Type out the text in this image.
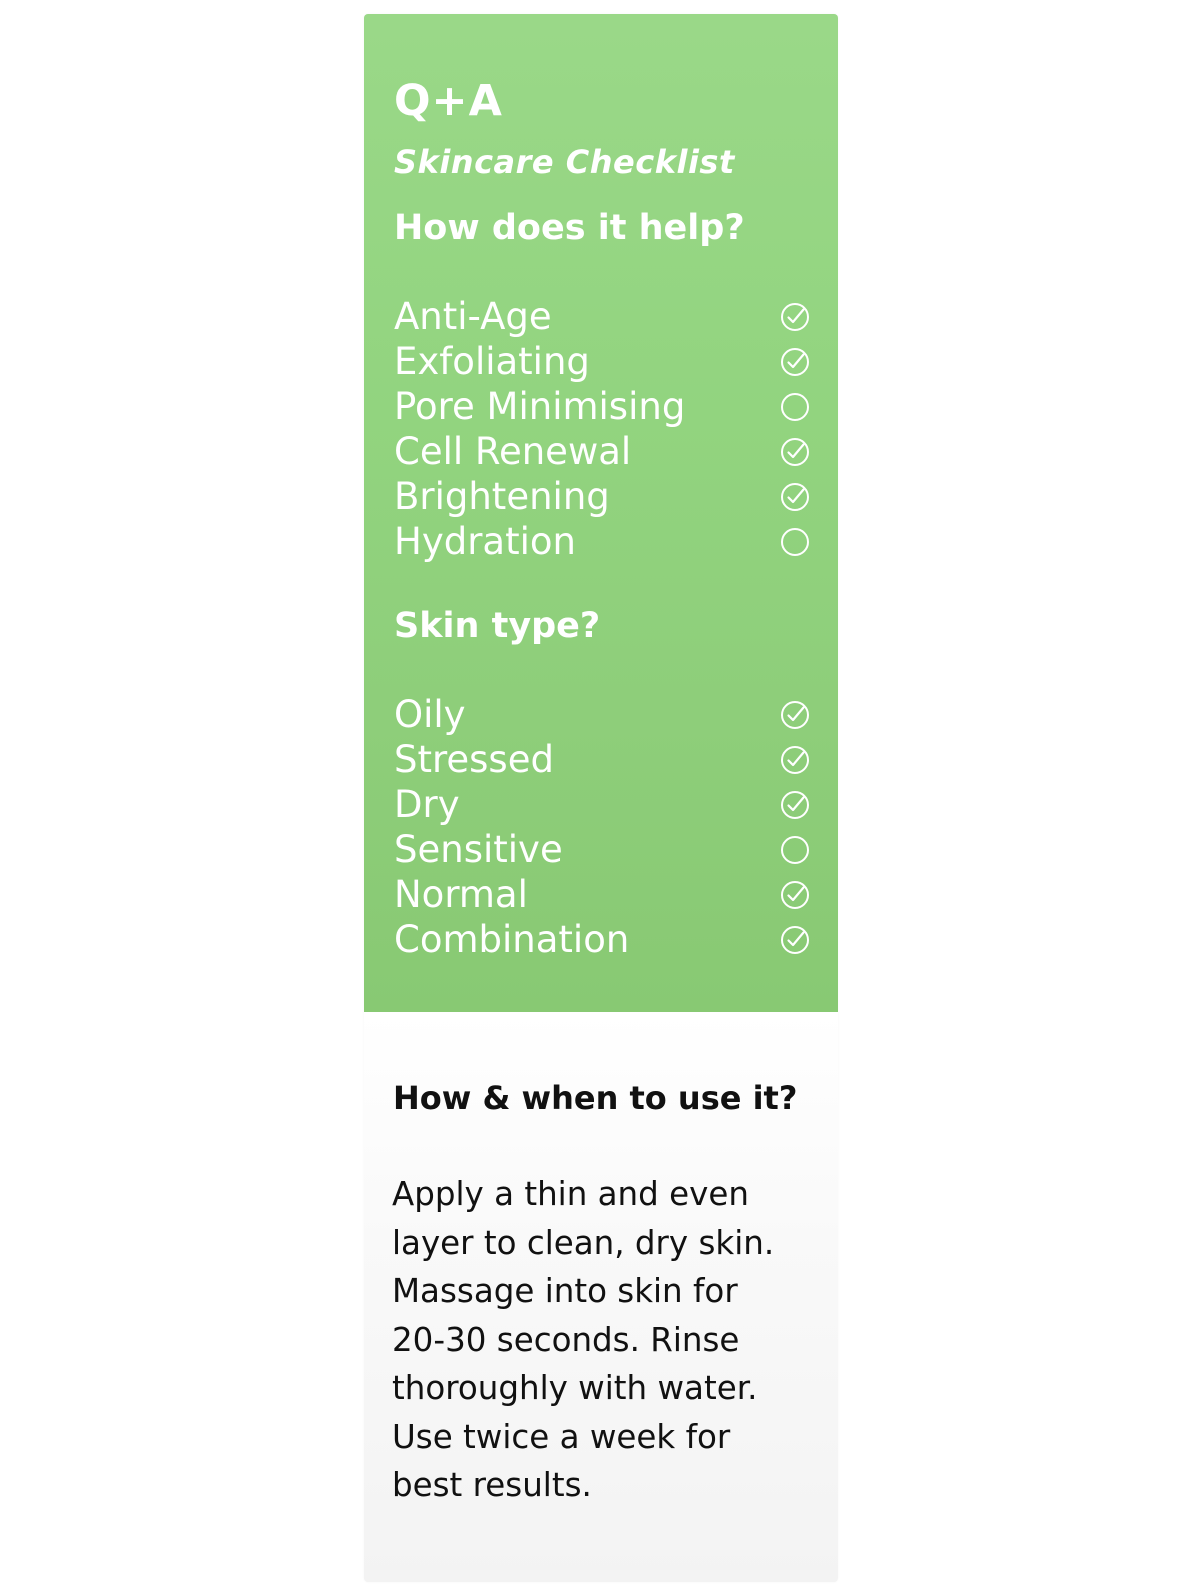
Q+A
Skincare Checklist
How does it help?
Anti-Age
Exfoliating
Pore Minimising
Cell Renewal
Brightening
Hydration
Skin type?
Oily
Stressed
Dry
Sensitive
Normal
Combination
How & when to use it?

Apply a thin and even
layer to clean, dry skin.
Massage into skin for
20-30 seconds. Rinse
thoroughly with water.
Use twice a week for
best results.
